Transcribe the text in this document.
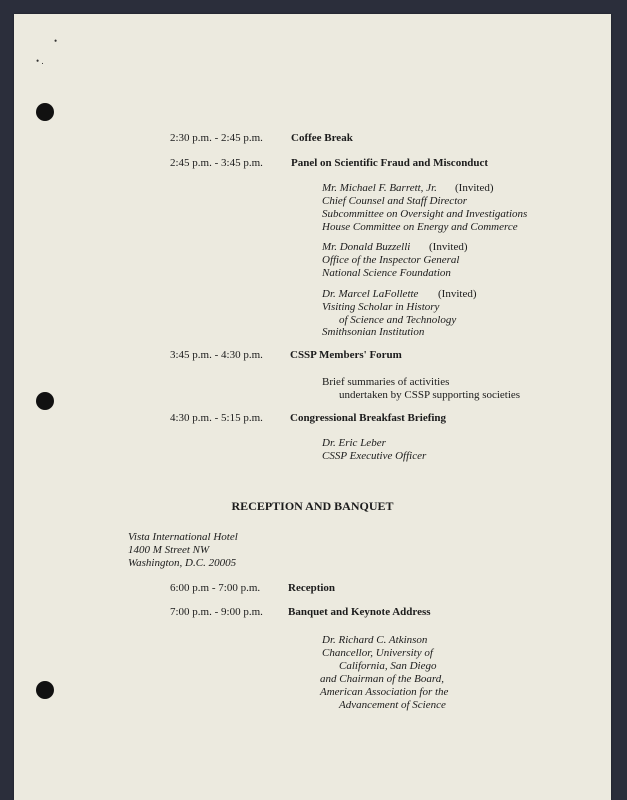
•
• .
2:30 p.m. - 2:45 p.m.	Coffee Break
2:45 p.m. - 3:45 p.m.	Panel on Scientific Fraud and Misconduct
Mr. Michael F. Barrett, Jr. (Invited)
Chief Counsel and Staff Director
Subcommittee on Oversight and Investigations
House Committee on Energy and Commerce
Mr. Donald Buzzelli (Invited)
Office of the Inspector General
National Science Foundation
Dr. Marcel LaFollette (Invited)
Visiting Scholar in History
of Science and Technology
Smithsonian Institution
3:45 p.m. - 4:30 p.m. CSSP Members' Forum
Brief summaries of activities
undertaken by CSSP supporting societies
4:30 p.m. - 5:15 p.m. Congressional Breakfast Briefing
Dr. Eric Leber
CSSP Executive Officer
RECEPTION AND BANQUET
Vista International Hotel
1400 M Street NW
Washington, D.C. 20005
6:00 p.m - 7:00 p.m.	Reception
7:00 p.m. - 9:00 p.m. Banquet and Keynote Address
Dr. Richard C. Atkinson
Chancellor, University of
California, San Diego
and Chairman of the Board,
American Association for the
Advancement of Science
